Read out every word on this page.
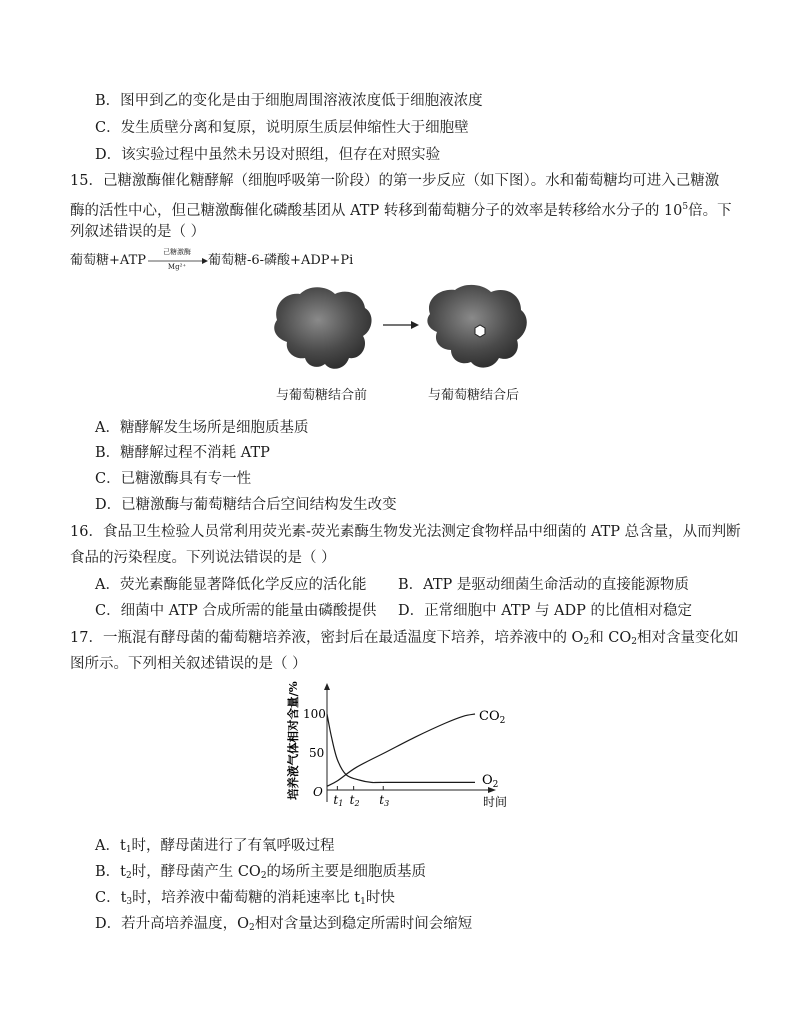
B．图甲到乙的变化是由于细胞周围溶液浓度低于细胞液浓度
C．发生质壁分离和复原，说明原生质层伸缩性大于细胞壁
D．该实验过程中虽然未另设对照组，但存在对照实验
15．己糖激酶催化糖酵解（细胞呼吸第一阶段）的第一步反应（如下图）。水和葡萄糖均可进入己糖激
酶的活性中心，但己糖激酶催化磷酸基团从 ATP 转移到葡萄糖分子的效率是转移给水分子的 $10^5$倍。下
列叙述错误的是（ ）
葡萄糖+ATP
己糖激酶
Mg²⁺	葡萄糖-6-磷酸+ADP+Pi
与葡萄糖结合前	与葡萄糖结合后
A．糖酵解发生场所是细胞质基质
B．糖酵解过程不消耗 ATP
C．已糖激酶具有专一性
D．已糖激酶与葡萄糖结合后空间结构发生改变
16．食品卫生检验人员常利用荧光素-荧光素酶生物发光法测定食物样品中细菌的 ATP 总含量，从而判断
食品的污染程度。下列说法错误的是（ ）
A．荧光素酶能显著降低化学反应的活化能 B．ATP 是驱动细菌生命活动的直接能源物质
C．细菌中 ATP 合成所需的能量由磷酸提供 D．正常细胞中 ATP 与 ADP 的比值相对稳定
17．一瓶混有酵母菌的葡萄糖培养液，密封后在最适温度下培养，培养液中的 $O_2$和 $CO_2$相对含量变化如
图所示。下列相关叙述错误的是（ ）
培养液气体相对含量/% 100
50
O
时间
t1 t2 t3
$CO_2$
$O_2$
A．$t_1$时，酵母菌进行了有氧呼吸过程
B．$t_2$时，酵母菌产生 $CO_2$的场所主要是细胞质基质
C．$t_3$时，培养液中葡萄糖的消耗速率比 $t_1$时快
D．若升高培养温度，$O_2$相对含量达到稳定所需时间会缩短
